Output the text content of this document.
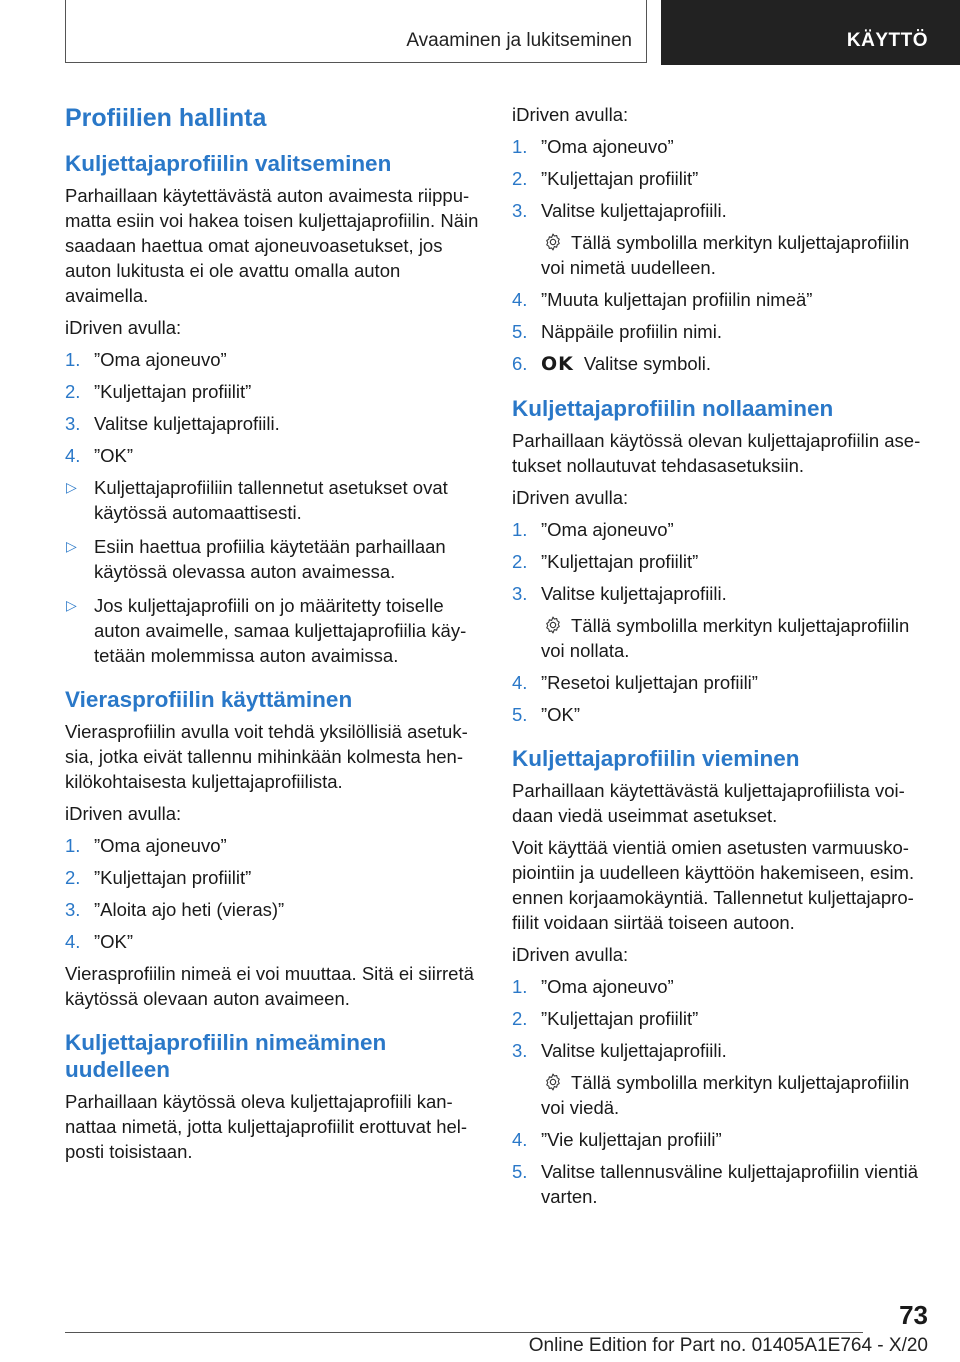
Avaaminen ja lukitseminen	KÄYTTÖ
Profiilien hallinta
Kuljettajaprofiilin valitseminen

Parhaillaan käytettävästä auton avaimesta riippumatta esiin voi hakea toisen kuljettajaprofiilin. Näin saadaan haettua omat ajoneuvoasetukset, jos auton lukitusta ei ole avattu omalla auton avaimella.

iDriven avulla:

1. ”Oma ajoneuvo”
2. ”Kuljettajan profiilit”
3. Valitse kuljettajaprofiili.
4. ”OK”
▷ Kuljettajaprofiiliin tallennetut asetukset ovat käytössä automaattisesti.
▷ Esiin haettua profiilia käytetään parhaillaan käytössä olevassa auton avaimessa.
▷ Jos kuljettajaprofiili on jo määritetty toiselle auton avaimelle, samaa kuljettajaprofiilia käytetään molemmissa auton avaimissa.
Vierasprofiilin käyttäminen

Vierasprofiilin avulla voit tehdä yksilöllisiä asetuksia, jotka eivät tallennu mihinkään kolmesta henkilökohtaisesta kuljettajaprofiilista.

iDriven avulla:

1. ”Oma ajoneuvo”
2. ”Kuljettajan profiilit”
3. ”Aloita ajo heti (vieras)”
4. ”OK”

Vierasprofiilin nimeä ei voi muuttaa. Sitä ei siirretä käytössä olevaan auton avaimeen.

Kuljettajaprofiilin nimeäminen uudelleen

Parhaillaan käytössä oleva kuljettajaprofiili kannattaa nimetä, jotta kuljettajaprofiilit erottuvat helposti toisistaan.

iDriven avulla:

1. ”Oma ajoneuvo”
2. ”Kuljettajan profiilit”
3. Valitse kuljettajaprofiili.
Tällä symbolilla merkityn kuljettajaprofiilin voi nimetä uudelleen.
4. ”Muuta kuljettajan profiilin nimeä”
5. Näppäile profiilin nimi.
6. OK Valitse symboli.
Kuljettajaprofiilin nollaaminen

Parhaillaan käytössä olevan kuljettajaprofiilin asetukset nollautuvat tehdasasetuksiin.

iDriven avulla:

1. ”Oma ajoneuvo”
2. ”Kuljettajan profiilit”
3. Valitse kuljettajaprofiili.
Tällä symbolilla merkityn kuljettajaprofiilin voi nollata.
4. ”Resetoi kuljettajan profiili”
5. ”OK”
Kuljettajaprofiilin vieminen

Parhaillaan käytettävästä kuljettajaprofiilista voidaan viedä useimmat asetukset.

Voit käyttää vientiä omien asetusten varmuuskopiointiin ja uudelleen käyttöön hakemiseen, esim. ennen korjaamokäyntiä. Tallennetut kuljettajaprofiilit voidaan siirtää toiseen autoon.

iDriven avulla:

1. ”Oma ajoneuvo”
2. ”Kuljettajan profiilit”
3. Valitse kuljettajaprofiili.
Tällä symbolilla merkityn kuljettajaprofiilin voi viedä.
4. ”Vie kuljettajan profiili”
5. Valitse tallennusväline kuljettajaprofiilin vientiä varten.
73
Online Edition for Part no. 01405A1E764 - X/20
